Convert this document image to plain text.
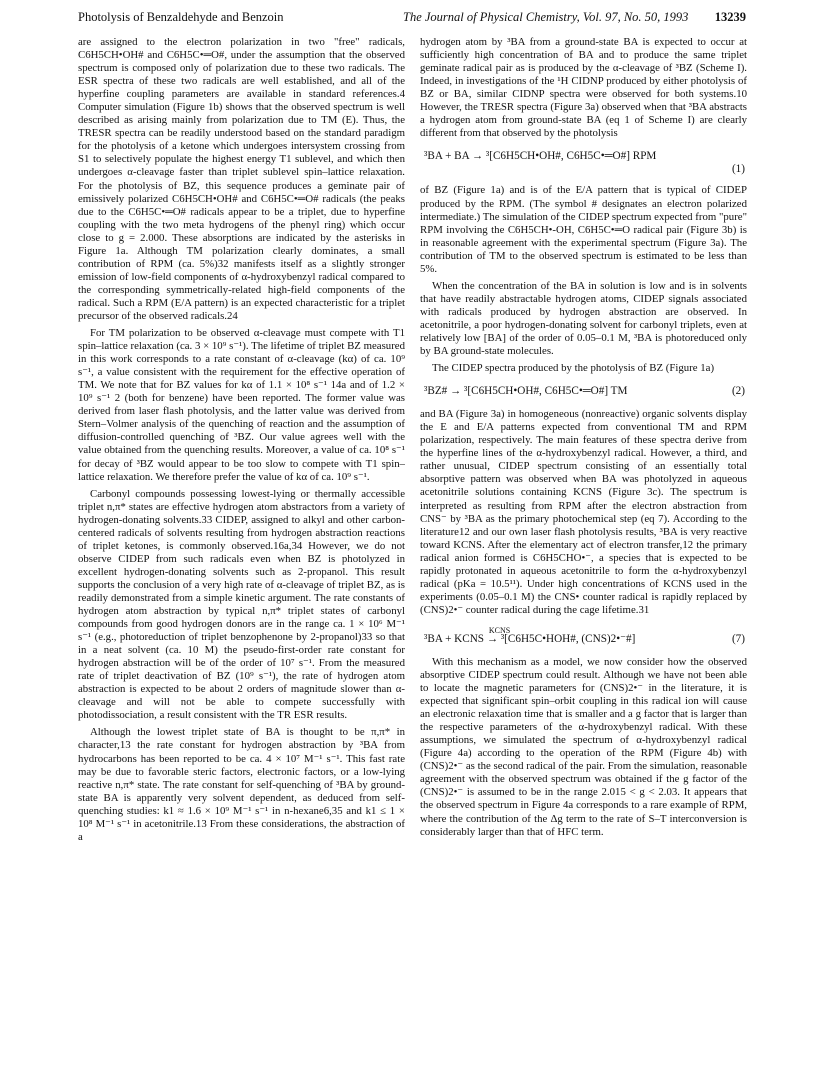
Photolysis of Benzaldehyde and Benzoin	The Journal of Physical Chemistry, Vol. 97, No. 50, 1993 13239

are assigned to the electron polarization in two "free" radicals, C6H5CH•OH# and C6H5C•═O#, under the assumption that the observed spectrum is composed only of polarization due to these two radicals. The ESR spectra of these two radicals are well established, and all of the hyperfine coupling parameters are available in standard references.4 Computer simulation (Figure 1b) shows that the observed spectrum is well described as arising mainly from polarization due to TM (E). Thus, the TRESR spectra can be readily understood based on the standard paradigm for the photolysis of a ketone which undergoes intersystem crossing from S1 to selectively populate the highest energy T1 sublevel, and which then undergoes α-cleavage faster than triplet sublevel spin–lattice relaxation. For the photolysis of BZ, this sequence produces a geminate pair of emissively polarized C6H5CH•OH# and C6H5C•═O# radicals (the peaks due to the C6H5C•═O# radicals appear to be a triplet, due to hyperfine coupling with the two meta hydrogens of the phenyl ring) which occur close to g = 2.000. These absorptions are indicated by the asterisks in Figure 1a. Although TM polarization clearly dominates, a small contribution of RPM (ca. 5%)32 manifests itself as a slightly stronger emission of low-field components of α-hydroxybenzyl radical compared to the corresponding symmetrically-related high-field components of the radical. Such a RPM (E/A pattern) is an expected characteristic for a triplet precursor of the observed radicals.24

For TM polarization to be observed α-cleavage must compete with T1 spin–lattice relaxation (ca. 3 × 10⁹ s⁻¹). The lifetime of triplet BZ measured in this work corresponds to a rate constant of α-cleavage (kα) of ca. 10⁹ s⁻¹, a value consistent with the requirement for the effective operation of TM. We note that for BZ values for kα of 1.1 × 10⁸ s⁻¹ 14a and of 1.2 × 10⁹ s⁻¹ 2 (both for benzene) have been reported. The former value was derived from laser flash photolysis, and the latter value was derived from Stern–Volmer analysis of the quenching of reaction and the assumption of diffusion-controlled quenching of ³BZ. Our value agrees well with the value obtained from the quenching results. Moreover, a value of ca. 10⁸ s⁻¹ for decay of ³BZ would appear to be too slow to compete with T1 spin–lattice relaxation. We therefore prefer the value of kα of ca. 10⁹ s⁻¹.

Carbonyl compounds possessing lowest-lying or thermally accessible triplet n,π* states are effective hydrogen atom abstractors from a variety of hydrogen-donating solvents.33 CIDEP, assigned to alkyl and other carbon-centered radicals of solvents resulting from hydrogen abstraction reactions of triplet ketones, is commonly observed.16a,34 However, we do not observe CIDEP from such radicals even when BZ is photolyzed in excellent hydrogen-donating solvents such as 2-propanol. This result supports the conclusion of a very high rate of α-cleavage of triplet BZ, as is readily demonstrated from a simple kinetic argument. The rate constants of hydrogen atom abstraction by typical n,π* triplet states of carbonyl compounds from good hydrogen donors are in the range ca. 1 × 10⁶ M⁻¹ s⁻¹ (e.g., photoreduction of triplet benzophenone by 2-propanol)33 so that in a neat solvent (ca. 10 M) the pseudo-first-order rate constant for hydrogen abstraction will be of the order of 10⁷ s⁻¹. From the measured rate of triplet deactivation of BZ (10⁹ s⁻¹), the rate of hydrogen atom abstraction is expected to be about 2 orders of magnitude slower than α-cleavage and will not be able to compete successfully with photodissociation, a result consistent with the TR ESR results.

Although the lowest triplet state of BA is thought to be π,π* in character,13 the rate constant for hydrogen abstraction by ³BA from hydrocarbons has been reported to be ca. 4 × 10⁷ M⁻¹ s⁻¹. This fast rate may be due to favorable steric factors, electronic factors, or a low-lying reactive n,π* state. The rate constant for self-quenching of ³BA by ground-state BA is apparently very solvent dependent, as deduced from self-quenching studies: k1 ≈ 1.6 × 10⁹ M⁻¹ s⁻¹ in n-hexane6,35 and k1 ≤ 1 × 10⁸ M⁻¹ s⁻¹ in acetonitrile.13 From these considerations, the abstraction of a

hydrogen atom by ³BA from a ground-state BA is expected to occur at sufficiently high concentration of BA and to produce the same triplet geminate radical pair as is produced by the α-cleavage of ³BZ (Scheme I). Indeed, in investigations of the ¹H CIDNP produced by either photolysis of BZ or BA, similar CIDNP spectra were observed for both systems.10 However, the TRESR spectra (Figure 3a) observed when that ³BA abstracts a hydrogen atom from ground-state BA (eq 1 of Scheme I) are clearly different from that observed by the photolysis

³BA + BA → ³[C6H5CH•OH#, C6H5C•═O#] RPM
(1)

of BZ (Figure 1a) and is of the E/A pattern that is typical of CIDEP produced by the RPM. (The symbol # designates an electron polarized intermediate.) The simulation of the CIDEP spectrum expected from "pure" RPM involving the C6H5CH•-OH, C6H5C•═O radical pair (Figure 3b) is in reasonable agreement with the experimental spectrum (Figure 3a). The contribution of TM to the observed spectrum is estimated to be less than 5%.

When the concentration of the BA in solution is low and is in solvents that have readily abstractable hydrogen atoms, CIDEP signals associated with radicals produced by hydrogen abstraction are observed. In acetonitrile, a poor hydrogen-donating solvent for carbonyl triplets, even at relatively low [BA] of the order of 0.05–0.1 M, ³BA is photoreduced only by BA ground-state molecules.

The CIDEP spectra produced by the photolysis of BZ (Figure 1a)

³BZ# → ³[C6H5CH•OH#, C6H5C•═O#] TM	(2)

and BA (Figure 3a) in homogeneous (nonreactive) organic solvents display the E and E/A patterns expected from conventional TM and RPM polarization, respectively. The main features of these spectra derive from the hyperfine lines of the α-hydroxybenzyl radical. However, a third, and rather unusual, CIDEP spectrum consisting of an essentially total absorptive pattern was observed when BA was photolyzed in aqueous acetonitrile solutions containing KCNS (Figure 3c). The spectrum is interpreted as resulting from RPM after the electron abstraction from CNS⁻ by ³BA as the primary photochemical step (eq 7). According to the literature12 and our own laser flash photolysis results, ³BA is very reactive toward KCNS. After the elementary act of electron transfer,12 the primary radical anion formed is C6H5CHO•⁻, a species that is expected to be rapidly protonated in aqueous acetonitrile to form the α-hydroxybenzyl radical (pKa = 10.5¹¹). Under high concentrations of KCNS used in the experiments (0.05–0.1 M) the CNS• counter radical is rapidly replaced by (CNS)2•⁻ counter radical during the cage lifetime.31

³BA + KCNS
KCNS
→ ³[C6H5C•HOH#, (CNS)2•⁻#]	(7)

With this mechanism as a model, we now consider how the observed absorptive CIDEP spectrum could result. Although we have not been able to locate the magnetic parameters for (CNS)2•⁻ in the literature, it is expected that significant spin–orbit coupling in this radical ion will cause an electronic relaxation time that is smaller and a g factor that is larger than the respective parameters of the α-hydroxybenzyl radical. With these assumptions, we simulated the spectrum of α-hydroxybenzyl radical (Figure 4a) according to the operation of the RPM (Figure 4b) with (CNS)2•⁻ as the second radical of the pair. From the simulation, reasonable agreement with the observed spectrum was obtained if the g factor of the (CNS)2•⁻ is assumed to be in the range 2.015 < g < 2.03. It appears that the observed spectrum in Figure 4a corresponds to a rare example of RPM, where the contribution of the Δg term to the rate of S–T interconversion is considerably larger than that of HFC term.
